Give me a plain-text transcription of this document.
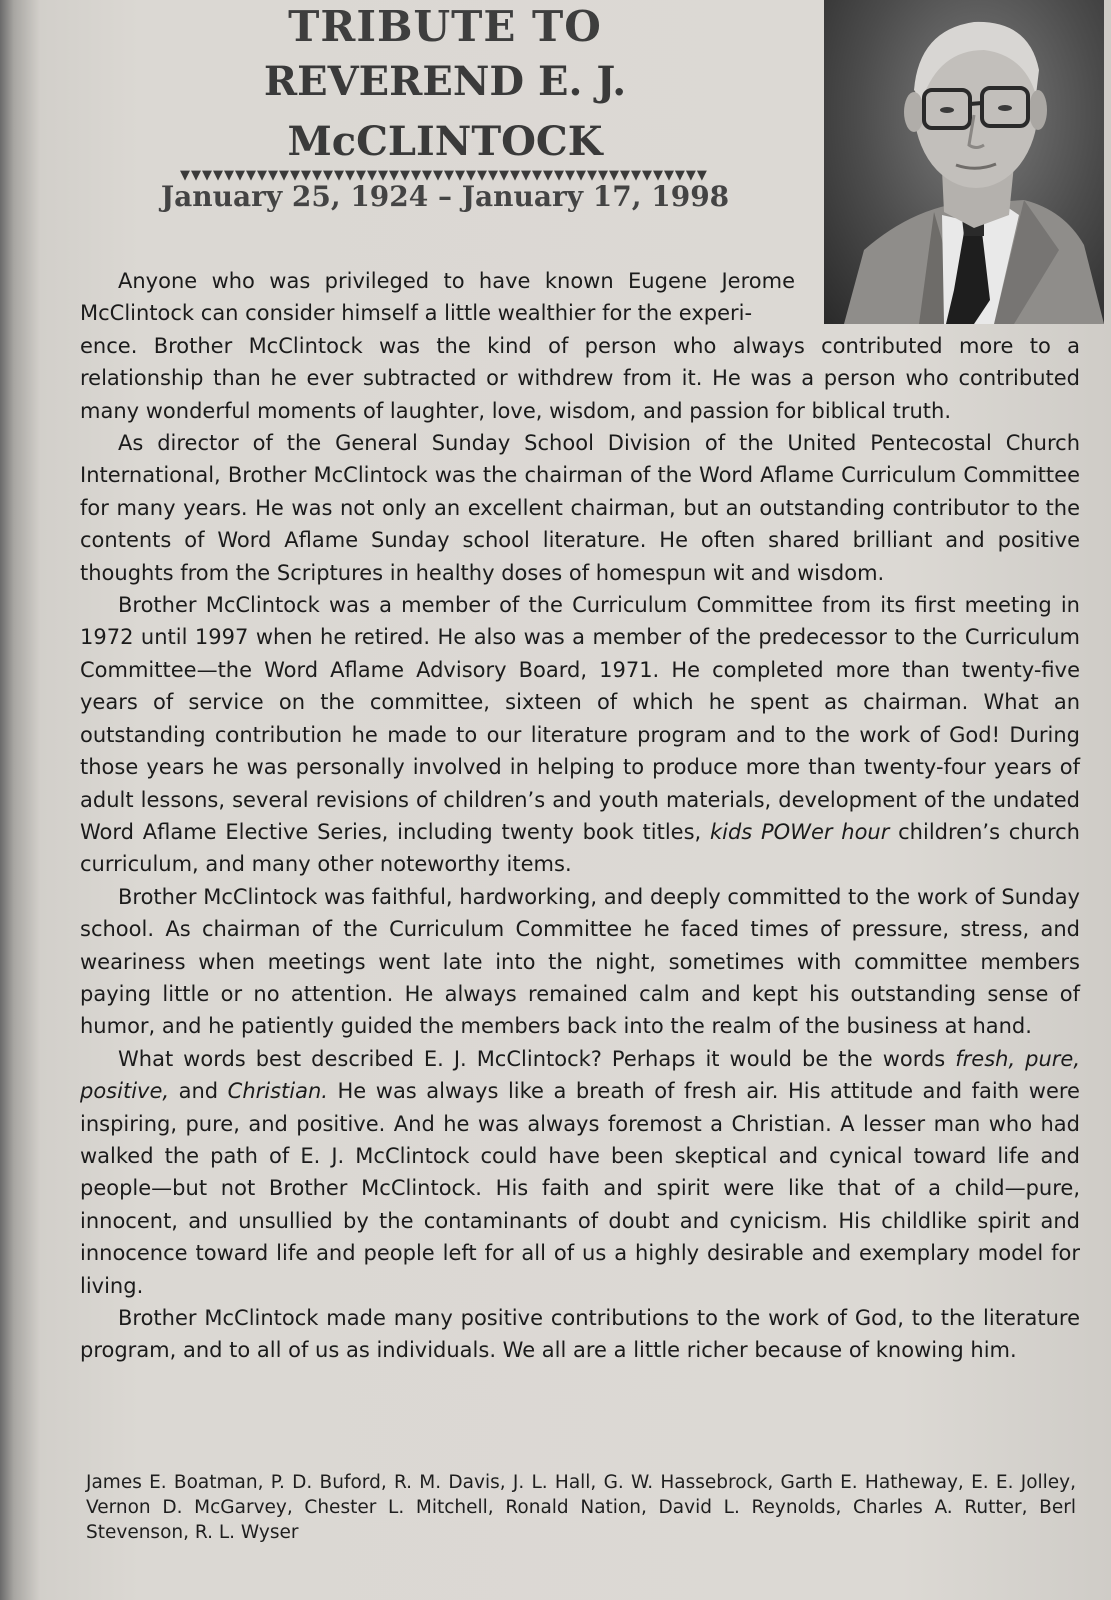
TRIBUTE TO
REVEREND E. J. McCLINTOCK
January 25, 1924 – January 17, 1998
▼▼▼▼▼▼▼▼▼▼▼▼▼▼▼▼▼▼▼▼▼▼▼▼▼▼▼▼▼▼▼▼▼▼▼▼▼▼▼▼▼▼▼▼▼▼▼▼

Anyone who was privileged to have known Eugene Jerome McClintock can consider himself a little wealthier for the experi-

ence. Brother McClintock was the kind of person who always contributed more to a relationship than he ever subtracted or withdrew from it. He was a person who contributed many wonderful moments of laughter, love, wisdom, and passion for biblical truth.

As director of the General Sunday School Division of the United Pentecostal Church International, Brother McClintock was the chairman of the Word Aflame Curriculum Committee for many years. He was not only an excellent chairman, but an outstanding contributor to the contents of Word Aflame Sunday school literature. He often shared brilliant and positive thoughts from the Scriptures in healthy doses of homespun wit and wisdom.

Brother McClintock was a member of the Curriculum Committee from its first meeting in 1972 until 1997 when he retired. He also was a member of the predecessor to the Curriculum Committee—the Word Aflame Advisory Board, 1971. He completed more than twenty-five years of service on the committee, sixteen of which he spent as chairman. What an outstanding contribution he made to our literature program and to the work of God! During those years he was personally involved in helping to produce more than twenty-four years of adult lessons, several revisions of children’s and youth materials, development of the undated Word Aflame Elective Series, including twenty book titles, kids POWer hour children’s church curriculum, and many other noteworthy items.

Brother McClintock was faithful, hardworking, and deeply committed to the work of Sunday school. As chairman of the Curriculum Committee he faced times of pressure, stress, and weariness when meetings went late into the night, sometimes with committee members paying little or no attention. He always remained calm and kept his outstanding sense of humor, and he patiently guided the members back into the realm of the business at hand.

What words best described E. J. McClintock? Perhaps it would be the words fresh, pure, positive, and Christian. He was always like a breath of fresh air. His attitude and faith were inspiring, pure, and positive. And he was always foremost a Christian. A lesser man who had walked the path of E. J. McClintock could have been skeptical and cynical toward life and people—but not Brother McClintock. His faith and spirit were like that of a child—pure, innocent, and unsullied by the contaminants of doubt and cynicism. His childlike spirit and innocence toward life and people left for all of us a highly desirable and exemplary model for living.

Brother McClintock made many positive contributions to the work of God, to the literature program, and to all of us as individuals. We all are a little richer because of knowing him.

James E. Boatman, P. D. Buford, R. M. Davis, J. L. Hall, G. W. Hassebrock, Garth E. Hatheway, E. E. Jolley, Vernon D. McGarvey, Chester L. Mitchell, Ronald Nation, David L. Reynolds, Charles A. Rutter, Berl Stevenson, R. L. Wyser
